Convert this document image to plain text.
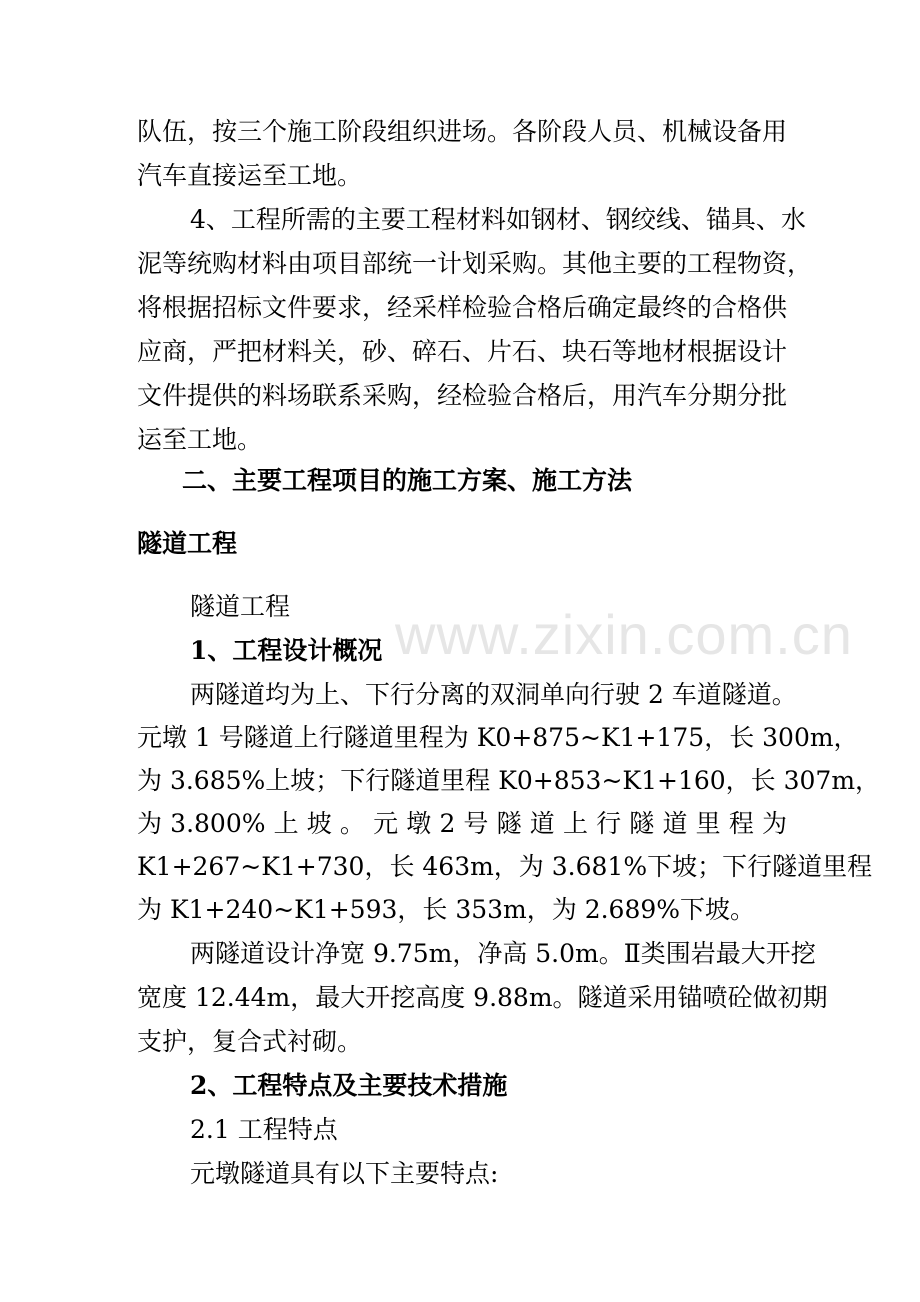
www.zixin.com.cn
队伍，按三个施工阶段组织进场。各阶段人员、机械设备用
汽车直接运至工地。
4、工程所需的主要工程材料如钢材、钢绞线、锚具、水
泥等统购材料由项目部统一计划采购。其他主要的工程物资，
将根据招标文件要求，经采样检验合格后确定最终的合格供
应商，严把材料关，砂、碎石、片石、块石等地材根据设计
文件提供的料场联系采购，经检验合格后，用汽车分期分批
运至工地。
二、主要工程项目的施工方案、施工方法
隧道工程
隧道工程
1、工程设计概况
两隧道均为上、下行分离的双洞单向行驶 2 车道隧道。
元墩 1 号隧道上行隧道里程为 K0+875~K1+175，长 300m，
为 3.685%上坡；下行隧道里程 K0+853~K1+160，长 307m，
为 3.800% 上 坡 。 元 墩 2 号 隧 道 上 行 隧 道 里 程 为
K1+267~K1+730，长 463m，为 3.681%下坡；下行隧道里程
为 K1+240~K1+593，长 353m，为 2.689%下坡。
两隧道设计净宽 9.75m，净高 5.0m。Ⅱ类围岩最大开挖
宽度 12.44m，最大开挖高度 9.88m。隧道采用锚喷砼做初期
支护，复合式衬砌。
2、工程特点及主要技术措施
2.1 工程特点
元墩隧道具有以下主要特点:
